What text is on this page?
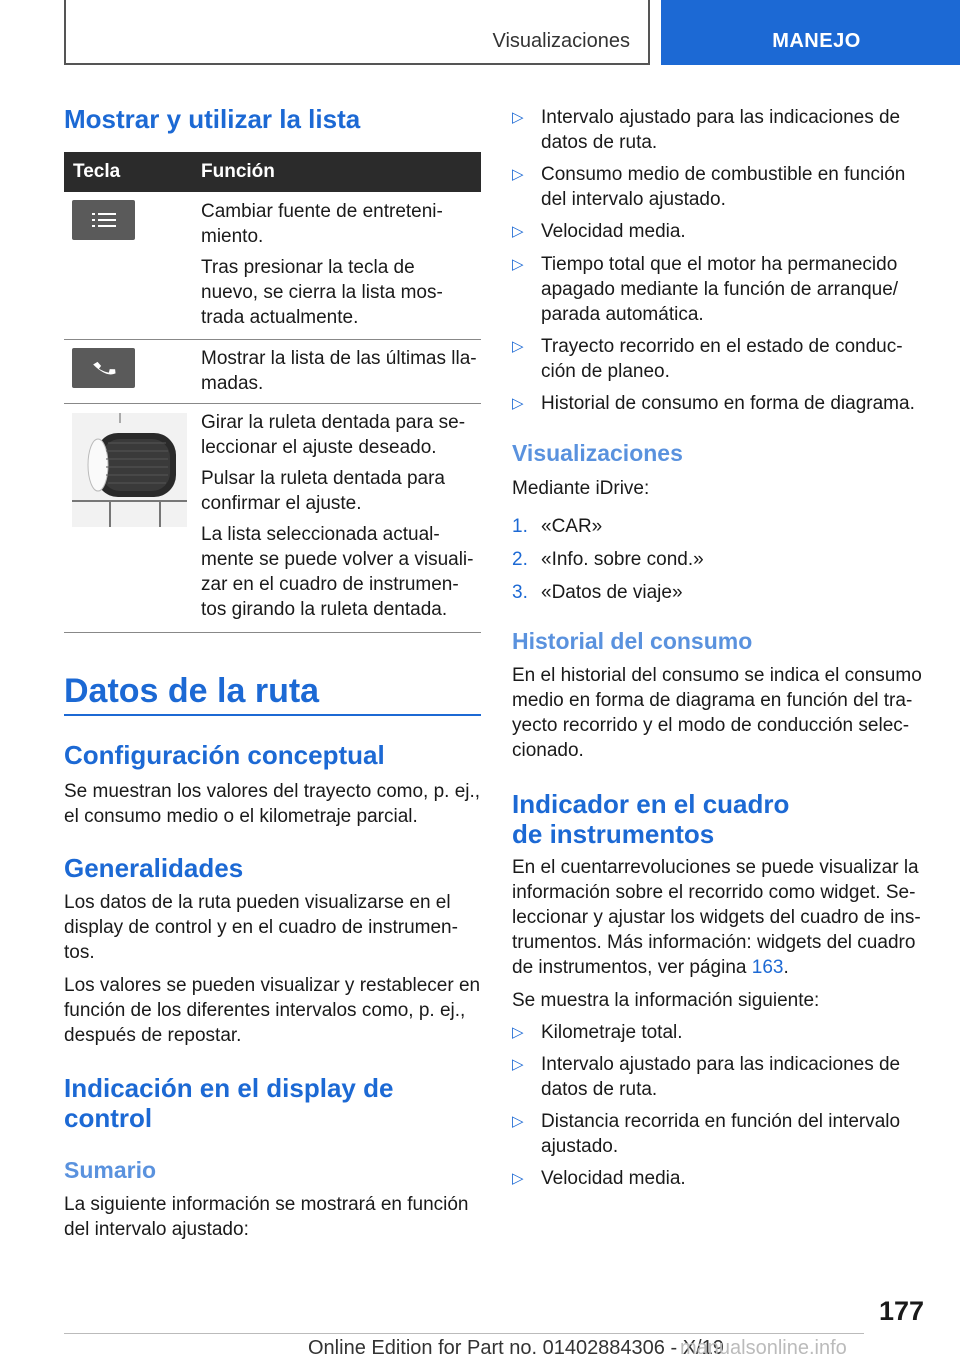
Visualizaciones	MANEJO
Mostrar y utilizar la lista
Tecla	Función
Cambiar fuente de entreteni-miento.
Tras presionar la tecla de nuevo, se cierra la lista mos-trada actualmente.
Mostrar la lista de las últimas lla-madas.
Girar la ruleta dentada para se-leccionar el ajuste deseado.
Pulsar la ruleta dentada para confirmar el ajuste.
La lista seleccionada actual-mente se puede volver a visuali-zar en el cuadro de instrumen-tos girando la ruleta dentada.
Datos de la ruta
Configuración conceptual
Se muestran los valores del trayecto como, p. ej., el consumo medio o el kilometraje parcial.
Generalidades
Los datos de la ruta pueden visualizarse en el display de control y en el cuadro de instrumen-tos.
Los valores se pueden visualizar y restablecer en función de los diferentes intervalos como, p. ej., después de repostar.
Indicación en el display de
control
Sumario
La siguiente información se mostrará en función del intervalo ajustado:
▷ Intervalo ajustado para las indicaciones de
datos de ruta.
▷ Consumo medio de combustible en función
del intervalo ajustado.
▷ Velocidad media.
▷ Tiempo total que el motor ha permanecido
apagado mediante la función de arranque/
parada automática.
▷ Trayecto recorrido en el estado de conduc-
ción de planeo.
▷ Historial de consumo en forma de diagrama.
Visualizaciones
Mediante iDrive:
1. «CAR»
2. «Info. sobre cond.»
3. «Datos de viaje»
Historial del consumo
En el historial del consumo se indica el consumo medio en forma de diagrama en función del tra-yecto recorrido y el modo de conducción selec-cionado.
Indicador en el cuadro
de instrumentos
En el cuentarrevoluciones se puede visualizar la información sobre el recorrido como widget. Se-leccionar y ajustar los widgets del cuadro de ins-trumentos. Más información: widgets del cuadro de instrumentos, ver página 163.
Se muestra la información siguiente:
▷ Kilometraje total.
▷ Intervalo ajustado para las indicaciones de
datos de ruta.
▷ Distancia recorrida en función del intervalo
ajustado.
▷ Velocidad media.
177
Online Edition for Part no. 01402884306 - X/19
manualsonline.info
